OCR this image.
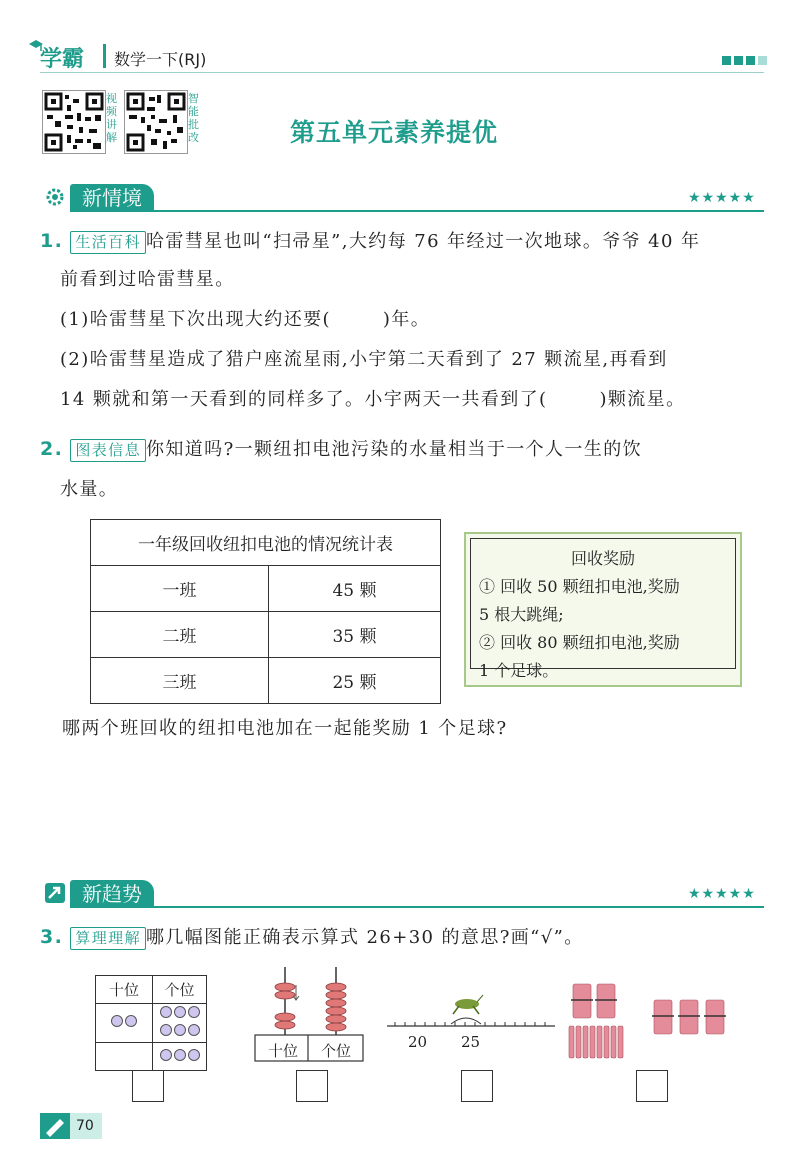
学霸 数学一下(RJ)
视频讲解
智能批改	第五单元素养提优
新情境	★★★★★
1. 生活百科 哈雷彗星也叫“扫帚星”,大约每 76 年经过一次地球。爷爷 40 年
前看到过哈雷彗星。
(1)哈雷彗星下次出现大约还要(	)年。
(2)哈雷彗星造成了猎户座流星雨,小宇第二天看到了 27 颗流星,再看到
14 颗就和第一天看到的同样多了。小宇两天一共看到了(	)颗流星。
2. 图表信息 你知道吗?一颗纽扣电池污染的水量相当于一个人一生的饮
水量。
一年级回收纽扣电池的情况统计表	
一班	45 颗
二班	35 颗
三班	25 颗
回收奖励
① 回收 50 颗纽扣电池,奖励
5 根大跳绳;
② 回收 80 颗纽扣电池,奖励
1 个足球。
哪两个班回收的纽扣电池加在一起能奖励 1 个足球?
新趋势	★★★★★
3. 算理理解 哪几幅图能正确表示算式 26+30 的意思?画“√”。
十位	个位

十位	个位	20 25
70
